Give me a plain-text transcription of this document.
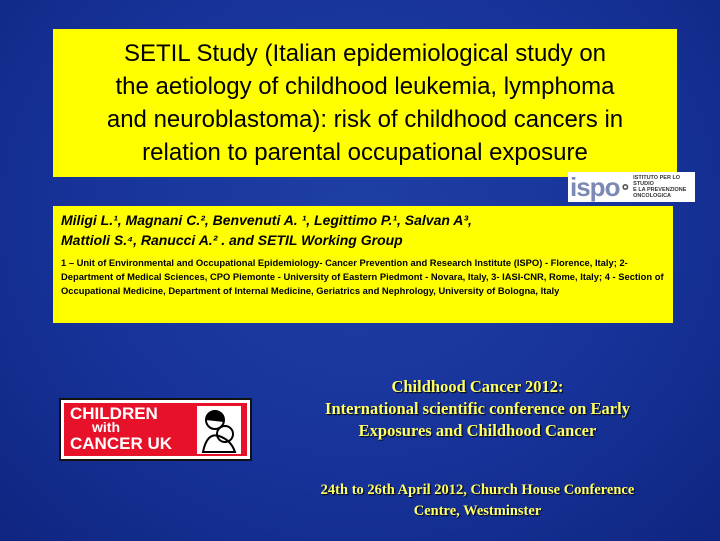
SETIL Study (Italian epidemiological study on
the aetiology of childhood leukemia, lymphoma
and neuroblastoma): risk of childhood cancers in
relation to parental occupational exposure
ispo ISTITUTO PER LO STUDIO
E LA PREVENZIONE ONCOLOGICA

Miligi L.¹, Magnani C.², Benvenuti A. ¹, Legittimo P.¹, Salvan A³,
Mattioli S.⁴, Ranucci A.² . and SETIL Working Group

1 – Unit of Environmental and Occupational Epidemiology- Cancer Prevention and Research Institute (ISPO) - Florence, Italy; 2-Department of Medical Sciences, CPO Piemonte - University of Eastern Piedmont - Novara, Italy, 3- IASI-CNR, Rome, Italy; 4 - Section of Occupational Medicine, Department of Internal Medicine, Geriatrics and Nephrology, University of Bologna, Italy

CHILDREN
with
CANCER UK
Childhood Cancer 2012:
International scientific conference on Early
Exposures and Childhood Cancer
24th to 26th April 2012, Church House Conference
Centre, Westminster
